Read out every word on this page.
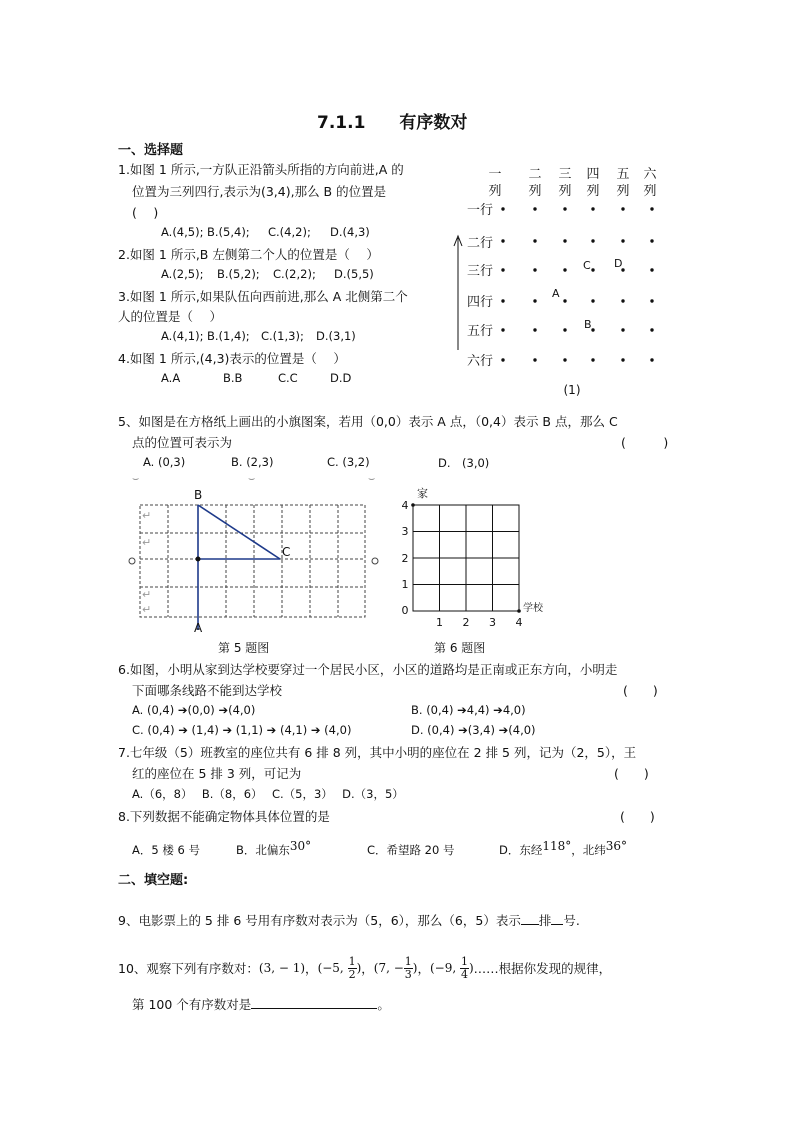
7.1.1　　有序数对
一、选择题
1.如图 1 所示,一方队正沿箭头所指的方向前进,A 的
位置为三列四行,表示为(3,4),那么 B 的位置是
(　 )
A.(4,5); B.(5,4); C.(4,2); D.(4,3)
2.如图 1 所示,B 左侧第二个人的位置是（　 ）
A.(2,5); B.(5,2); C.(2,2); D.(5,5)
3.如图 1 所示,如果队伍向西前进,那么 A 北侧第二个
人的位置是（　 ）
A.(4,1); B.(1,4); C.(1,3); D.(3,1)
4.如图 1 所示,(4,3)表示的位置是（　 ）
A.A	B.B	C.C	D.D
一
列
二
列
三
列
四
列
五
列
六
列
一行
二行
三行
四行
五行
六行
A
B
C D
(1)
5、如图是在方格纸上画出的小旗图案，若用（0,0）表示 A 点，（0,4）表示 B 点，那么 C
点的位置可表示为	(　　　)
A. (0,3)	B. (2,3)	C. (3,2)	D.　(3,0)
⌣	⌣	⌣
↵
↵
↵
↵
B
C
A
第 5 题图
家
学校
0
1 2 3 4
4
3
2
1
第 6 题图
6.如图，小明从家到达学校要穿过一个居民小区，小区的道路均是正南或正东方向，小明走
下面哪条线路不能到达学校	(　　)
A. (0,4) ➔(0,0) ➔(4,0)	B. (0,4) ➔4,4) ➔4,0)
C. (0,4) ➔ (1,4) ➔ (1,1) ➔ (4,1) ➔ (4,0)	D. (0,4) ➔(3,4) ➔(4,0)
7.七年级（5）班教室的座位共有 6 排 8 列，其中小明的座位在 2 排 5 列，记为（2，5），王
红的座位在 5 排 3 列，可记为	(　　)
A.（6，8）　 B.（8，6）　 C.（5，3）　 D.（3，5）
8.下列数据不能确定物体具体位置的是	(　　)
A．5 楼 6 号	B．北偏东30°	C．希望路 20 号	D．东经118°，北纬36°
二、填空题:
9、电影票上的 5 排 6 号用有序数对表示为（5，6），那么（6，5）表示 排 号.
10、观察下列有序数对： (3, − 1) ， (−5, $\frac{1}{2}$ ) ， (7, − $\frac{1}{3}$ ) ， (−9, $\frac{1}{4}$ ) ……根据你发现的规律，
第 100 个有序数对是	。
